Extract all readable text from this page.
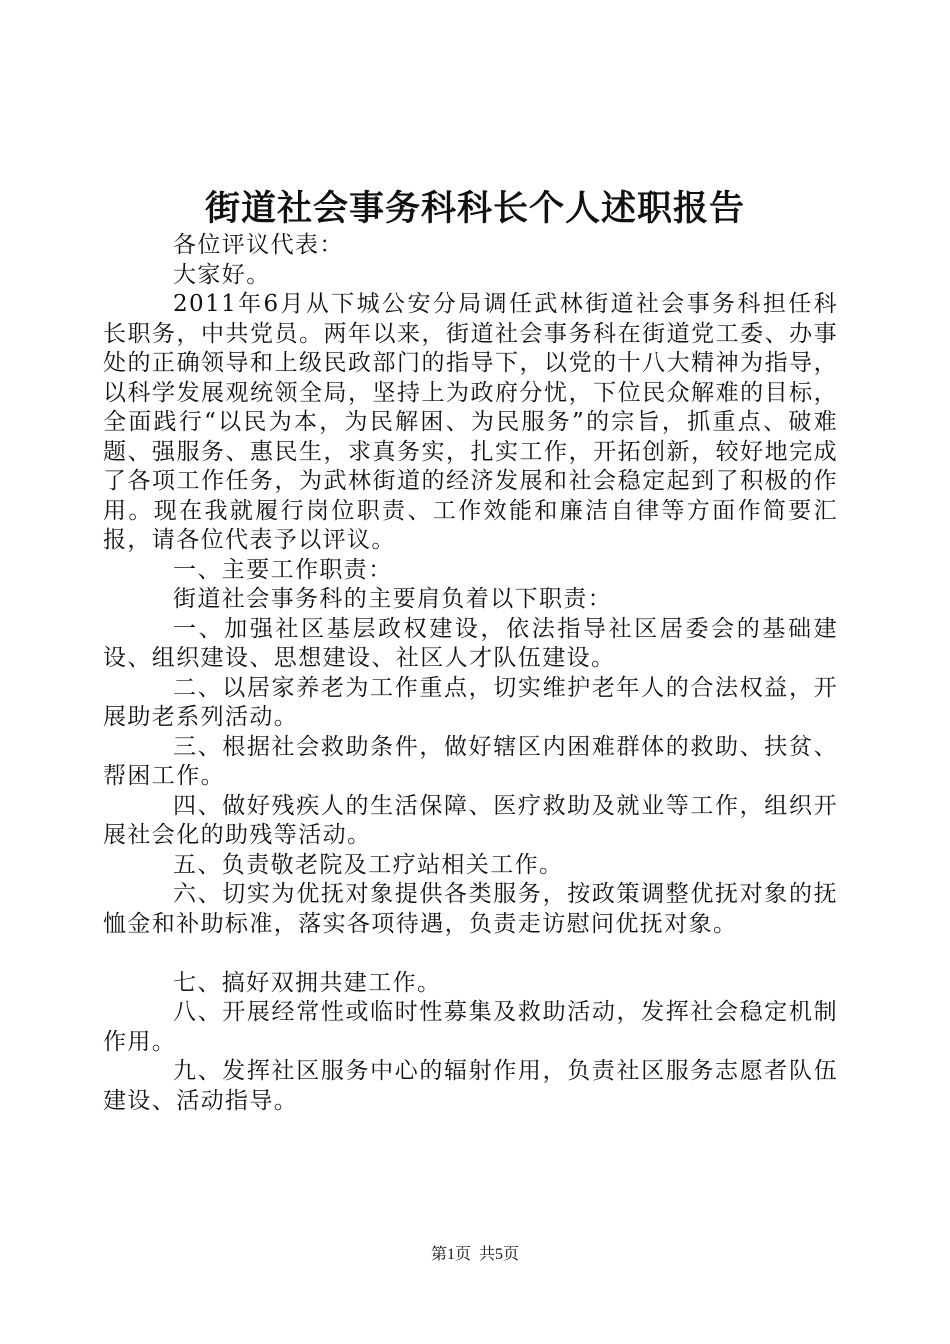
街道社会事务科科长个人述职报告

各位评议代表：

大家好。

2011年6月从下城公安分局调任武林街道社会事务科担任科长职务，中共党员。两年以来，街道社会事务科在街道党工委、办事处的正确领导和上级民政部门的指导下，以党的十八大精神为指导，以科学发展观统领全局，坚持上为政府分忧，下位民众解难的目标，全面践行“以民为本，为民解困、为民服务”的宗旨，抓重点、破难题、强服务、惠民生，求真务实，扎实工作，开拓创新，较好地完成了各项工作任务，为武林街道的经济发展和社会稳定起到了积极的作用。现在我就履行岗位职责、工作效能和廉洁自律等方面作简要汇报，请各位代表予以评议。

一、主要工作职责：

街道社会事务科的主要肩负着以下职责：

一、加强社区基层政权建设，依法指导社区居委会的基础建设、组织建设、思想建设、社区人才队伍建设。

二、以居家养老为工作重点，切实维护老年人的合法权益，开展助老系列活动。

三、根据社会救助条件，做好辖区内困难群体的救助、扶贫、帮困工作。

四、做好残疾人的生活保障、医疗救助及就业等工作，组织开展社会化的助残等活动。

五、负责敬老院及工疗站相关工作。

六、切实为优抚对象提供各类服务，按政策调整优抚对象的抚恤金和补助标准，落实各项待遇，负责走访慰问优抚对象。

七、搞好双拥共建工作。

八、开展经常性或临时性募集及救助活动，发挥社会稳定机制作用。

九、发挥社区服务中心的辐射作用，负责社区服务志愿者队伍建设、活动指导。

第1页  共5页
